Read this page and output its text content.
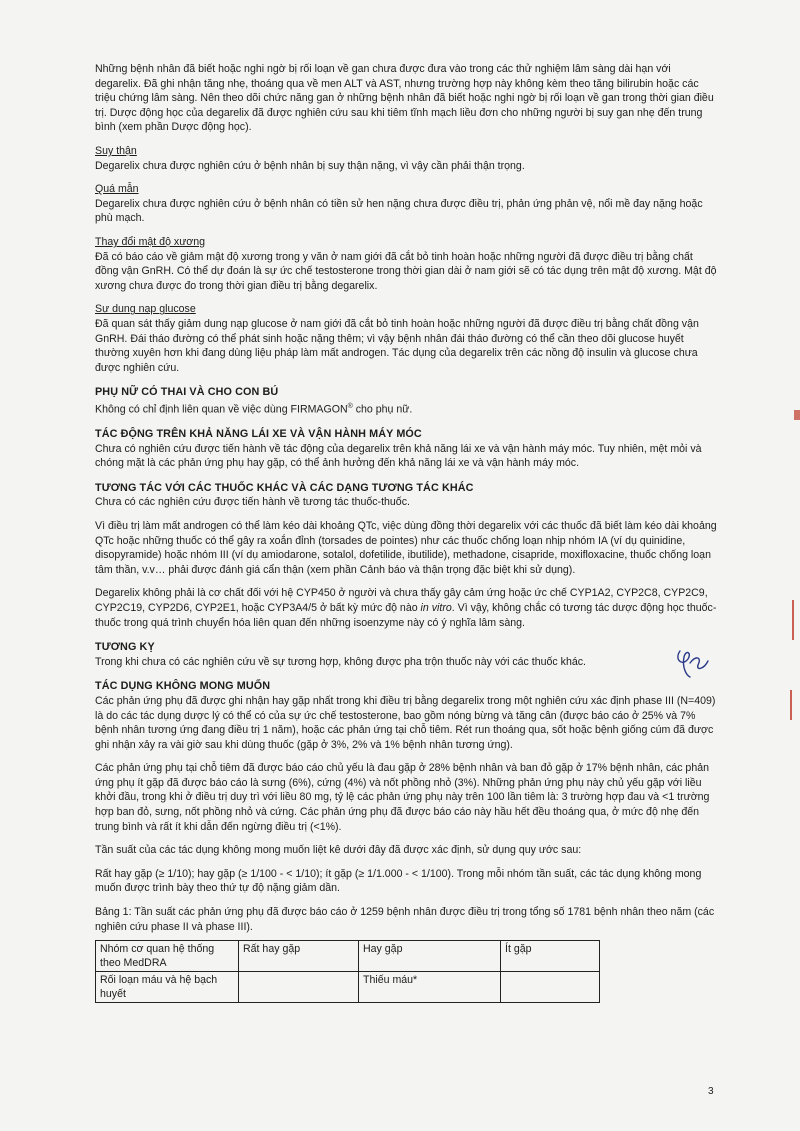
Những bệnh nhân đã biết hoặc nghi ngờ bị rối loạn về gan chưa được đưa vào trong các thử nghiệm lâm sàng dài hạn với degarelix. Đã ghi nhận tăng nhẹ, thoáng qua về men ALT và AST, nhưng trường hợp này không kèm theo tăng bilirubin hoặc các triệu chứng lâm sàng. Nên theo dõi chức năng gan ở những bệnh nhân đã biết hoặc nghi ngờ bị rối loạn về gan trong thời gian điều trị. Dược động học của degarelix đã được nghiên cứu sau khi tiêm tĩnh mạch liều đơn cho những người bị suy gan nhẹ đến trung bình (xem phần Dược động học).

Suy thận

Degarelix chưa được nghiên cứu ở bệnh nhân bị suy thận nặng, vì vậy cần phải thận trọng.

Quá mẫn

Degarelix chưa được nghiên cứu ở bệnh nhân có tiền sử hen nặng chưa được điều trị, phản ứng phản vệ, nổi mề đay nặng hoặc phù mạch.

Thay đổi mật độ xương

Đã có báo cáo về giảm mật độ xương trong y văn ở nam giới đã cắt bỏ tinh hoàn hoặc những người đã được điều trị bằng chất đồng vận GnRH. Có thể dự đoán là sự ức chế testosterone trong thời gian dài ở nam giới sẽ có tác dụng trên mật độ xương. Mật độ xương chưa được đo trong thời gian điều trị bằng degarelix.

Sự dung nạp glucose

Đã quan sát thấy giảm dung nạp glucose ở nam giới đã cắt bỏ tinh hoàn hoặc những người đã được điều trị bằng chất đồng vận GnRH. Đái tháo đường có thể phát sinh hoặc nặng thêm; vì vậy bệnh nhân đái tháo đường có thể cần theo dõi glucose huyết thường xuyên hơn khi đang dùng liệu pháp làm mất androgen. Tác dụng của degarelix trên các nồng độ insulin và glucose chưa được nghiên cứu.

PHỤ NỮ CÓ THAI VÀ CHO CON BÚ

Không có chỉ định liên quan về việc dùng FIRMAGON® cho phụ nữ.

TÁC ĐỘNG TRÊN KHẢ NĂNG LÁI XE VÀ VẬN HÀNH MÁY MÓC

Chưa có nghiên cứu được tiến hành về tác động của degarelix trên khả năng lái xe và vận hành máy móc. Tuy nhiên, mệt mỏi và chóng mặt là các phản ứng phụ hay gặp, có thể ảnh hưởng đến khả năng lái xe và vận hành máy móc.

TƯƠNG TÁC VỚI CÁC THUỐC KHÁC VÀ CÁC DẠNG TƯƠNG TÁC KHÁC

Chưa có các nghiên cứu được tiến hành về tương tác thuốc-thuốc.

Vì điều trị làm mất androgen có thể làm kéo dài khoảng QTc, việc dùng đồng thời degarelix với các thuốc đã biết làm kéo dài khoảng QTc hoặc những thuốc có thể gây ra xoắn đỉnh (torsades de pointes) như các thuốc chống loạn nhịp nhóm IA (ví dụ quinidine, disopyramide) hoặc nhóm III (ví dụ amiodarone, sotalol, dofetilide, ibutilide), methadone, cisapride, moxifloxacine, thuốc chống loạn tâm thần, v.v… phải được đánh giá cẩn thận (xem phần Cảnh báo và thận trọng đặc biệt khi sử dụng).

Degarelix không phải là cơ chất đối với hệ CYP450 ở người và chưa thấy gây cảm ứng hoặc ức chế CYP1A2, CYP2C8, CYP2C9, CYP2C19, CYP2D6, CYP2E1, hoặc CYP3A4/5 ở bất kỳ mức độ nào in vitro. Vì vậy, không chắc có tương tác dược động học thuốc-thuốc trong quá trình chuyển hóa liên quan đến những isoenzyme này có ý nghĩa lâm sàng.

TƯƠNG KỴ

Trong khi chưa có các nghiên cứu về sự tương hợp, không được pha trộn thuốc này với các thuốc khác.

TÁC DỤNG KHÔNG MONG MUỐN

Các phản ứng phụ đã được ghi nhận hay gặp nhất trong khi điều trị bằng degarelix trong một nghiên cứu xác định phase III (N=409) là do các tác dụng dược lý có thể có của sự ức chế testosterone, bao gồm nóng bừng và tăng cân (được báo cáo ở 25% và 7% bệnh nhân tương ứng đang điều trị 1 năm), hoặc các phản ứng tại chỗ tiêm. Rét run thoáng qua, sốt hoặc bệnh giống cúm đã được ghi nhận xảy ra vài giờ sau khi dùng thuốc (gặp ở 3%, 2% và 1% bệnh nhân tương ứng).

Các phản ứng phụ tại chỗ tiêm đã được báo cáo chủ yếu là đau gặp ở 28% bệnh nhân và ban đỏ gặp ở 17% bệnh nhân, các phản ứng phụ ít gặp đã được báo cáo là sưng (6%), cứng (4%) và nốt phồng nhỏ (3%). Những phản ứng phụ này chủ yếu gặp với liều khởi đầu, trong khi ở điều trị duy trì với liều 80 mg, tỷ lệ các phản ứng phụ này trên 100 lần tiêm là: 3 trường hợp đau và <1 trường hợp ban đỏ, sưng, nốt phồng nhỏ và cứng. Các phản ứng phụ đã được báo cáo này hầu hết đều thoáng qua, ở mức độ nhẹ đến trung bình và rất ít khi dẫn đến ngừng điều trị (<1%).

Tần suất của các tác dụng không mong muốn liệt kê dưới đây đã được xác định, sử dụng quy ước sau:

Rất hay gặp (≥ 1/10); hay gặp (≥ 1/100 - < 1/10); ít gặp (≥ 1/1.000 - < 1/100). Trong mỗi nhóm tần suất, các tác dụng không mong muốn được trình bày theo thứ tự độ nặng giảm dần.

Bảng 1: Tần suất các phản ứng phụ đã được báo cáo ở 1259 bệnh nhân được điều trị trong tổng số 1781 bệnh nhân theo năm (các nghiên cứu phase II và phase III).

Nhóm cơ quan hệ thống theo MedDRA	Rất hay gặp	Hay gặp	Ít gặp
Rối loạn máu và hệ bạch huyết		Thiếu máu*	
3
